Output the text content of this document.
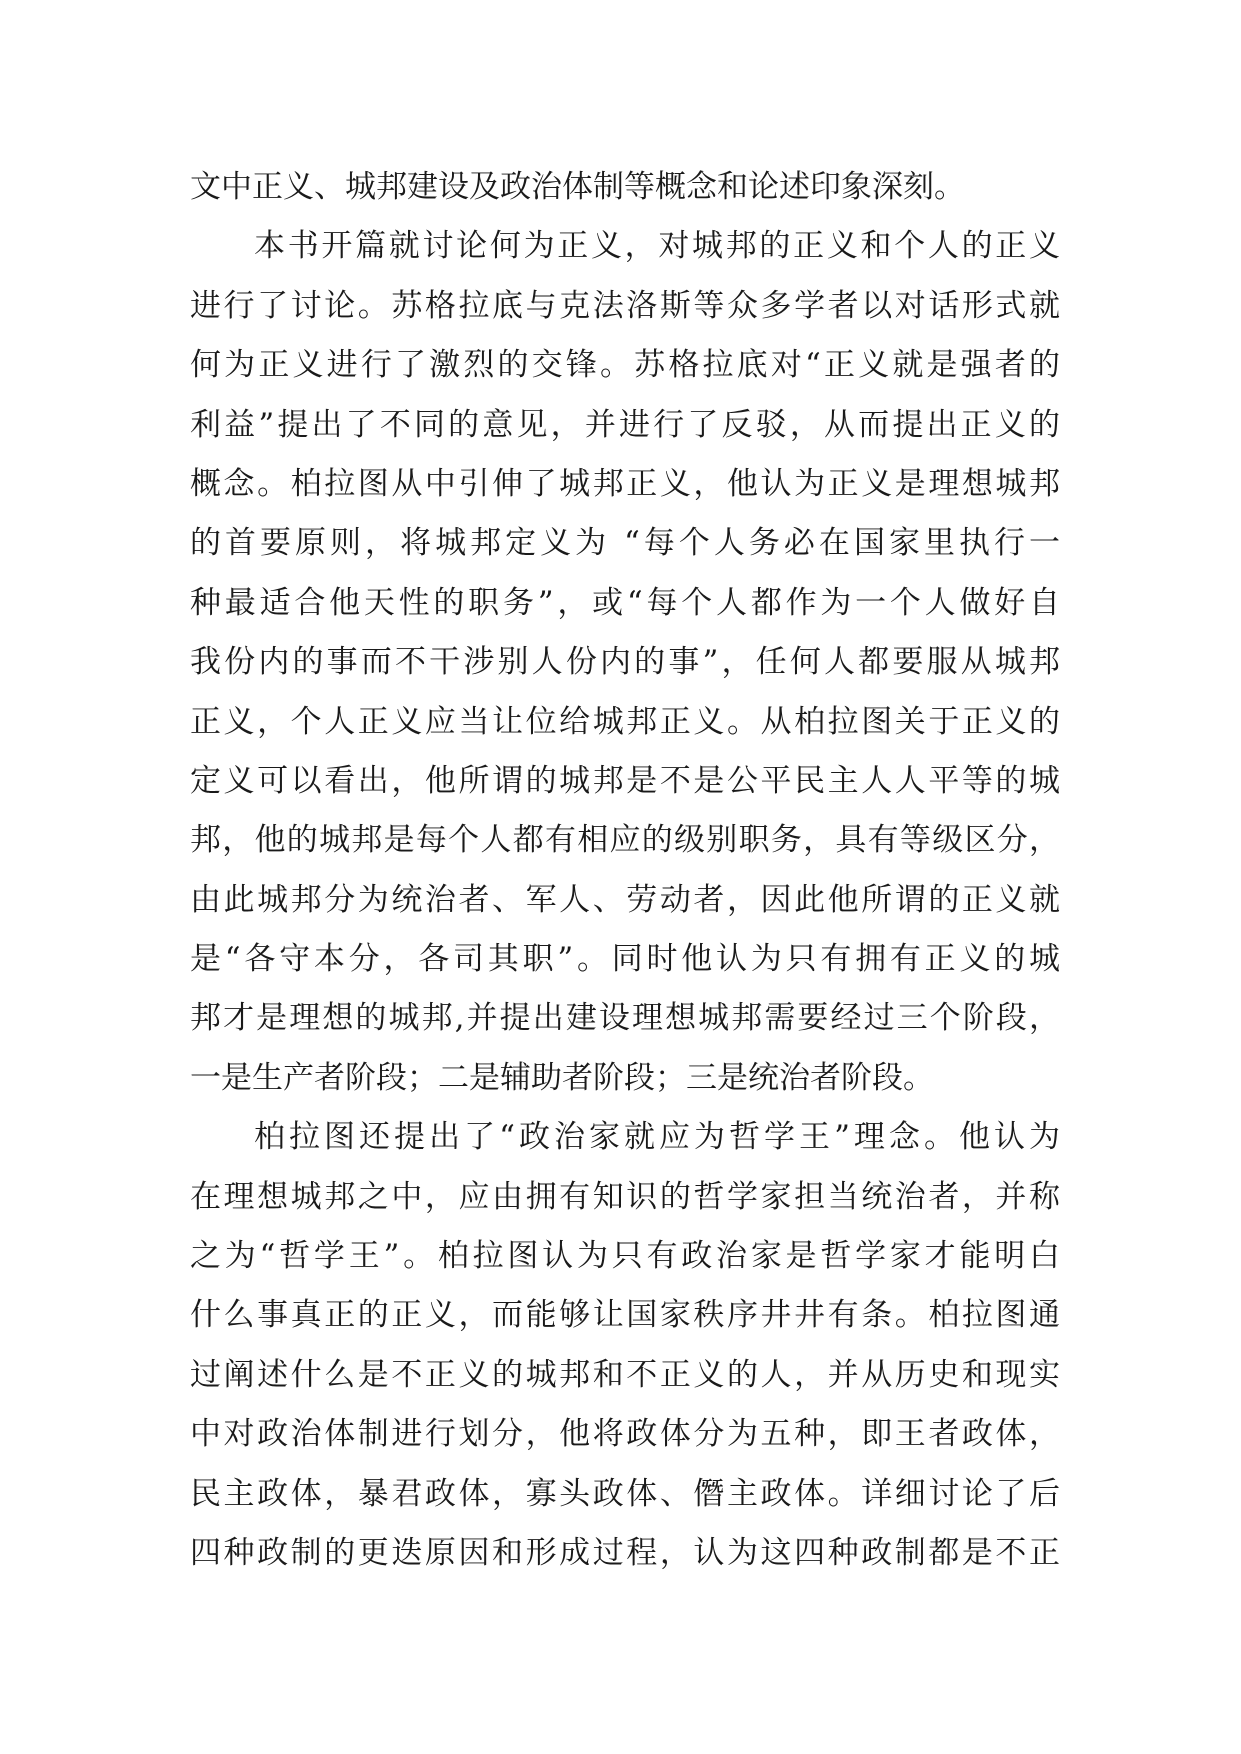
文中正义、城邦建设及政治体制等概念和论述印象深刻。
本书开篇就讨论何为正义，对城邦的正义和个人的正义
进行了讨论。苏格拉底与克法洛斯等众多学者以对话形式就
何为正义进行了激烈的交锋。苏格拉底对“正义就是强者的
利益”提出了不同的意见，并进行了反驳，从而提出正义的
概念。柏拉图从中引伸了城邦正义，他认为正义是理想城邦
的首要原则，将城邦定义为 “每个人务必在国家里执行一
种最适合他天性的职务”，或“每个人都作为一个人做好自
我份内的事而不干涉别人份内的事”，任何人都要服从城邦
正义，个人正义应当让位给城邦正义。从柏拉图关于正义的
定义可以看出，他所谓的城邦是不是公平民主人人平等的城
邦，他的城邦是每个人都有相应的级别职务，具有等级区分，
由此城邦分为统治者、军人、劳动者，因此他所谓的正义就
是“各守本分，各司其职”。同时他认为只有拥有正义的城
邦才是理想的城邦,并提出建设理想城邦需要经过三个阶段，
一是生产者阶段；二是辅助者阶段；三是统治者阶段。
柏拉图还提出了“政治家就应为哲学王”理念。他认为
在理想城邦之中，应由拥有知识的哲学家担当统治者，并称
之为“哲学王”。柏拉图认为只有政治家是哲学家才能明白
什么事真正的正义，而能够让国家秩序井井有条。柏拉图通
过阐述什么是不正义的城邦和不正义的人，并从历史和现实
中对政治体制进行划分，他将政体分为五种，即王者政体，
民主政体，暴君政体，寡头政体、僭主政体。详细讨论了后
四种政制的更迭原因和形成过程，认为这四种政制都是不正
